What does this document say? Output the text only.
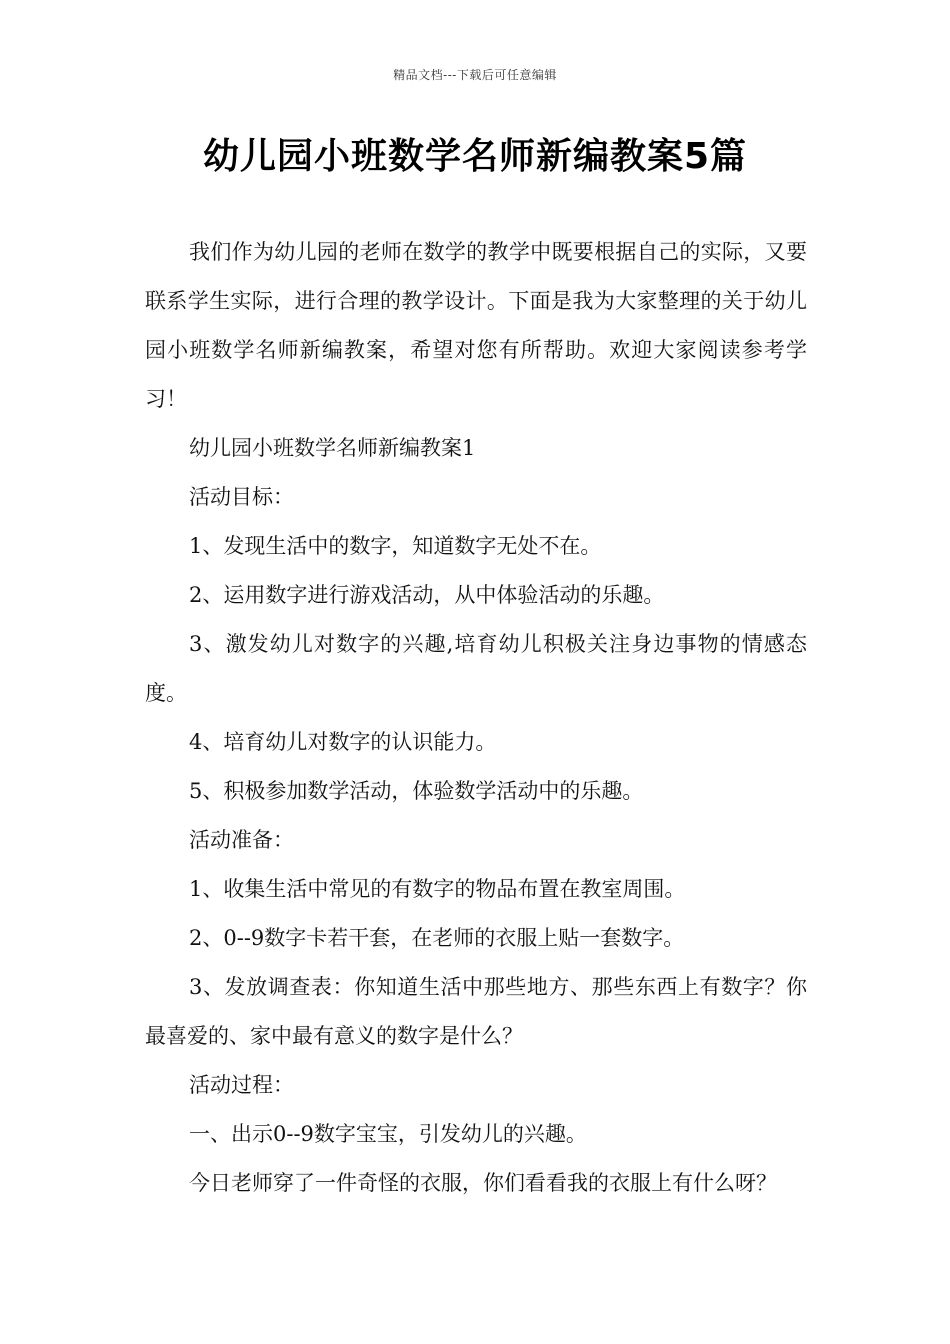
精品文档---下载后可任意编辑
幼儿园小班数学名师新编教案5篇

我们作为幼儿园的老师在数学的教学中既要根据自己的实际，又要联系学生实际，进行合理的教学设计。下面是我为大家整理的关于幼儿园小班数学名师新编教案，希望对您有所帮助。欢迎大家阅读参考学习！

幼儿园小班数学名师新编教案1

活动目标：

1、发现生活中的数字，知道数字无处不在。

2、运用数字进行游戏活动，从中体验活动的乐趣。

3、激发幼儿对数字的兴趣,培育幼儿积极关注身边事物的情感态度。

4、培育幼儿对数字的认识能力。

5、积极参加数学活动，体验数学活动中的乐趣。

活动准备：

1、收集生活中常见的有数字的物品布置在教室周围。

2、0--9数字卡若干套，在老师的衣服上贴一套数字。

3、发放调查表：你知道生活中那些地方、那些东西上有数字？你最喜爱的、家中最有意义的数字是什么？

活动过程：

一、出示0--9数字宝宝，引发幼儿的兴趣。

今日老师穿了一件奇怪的衣服，你们看看我的衣服上有什么呀？
